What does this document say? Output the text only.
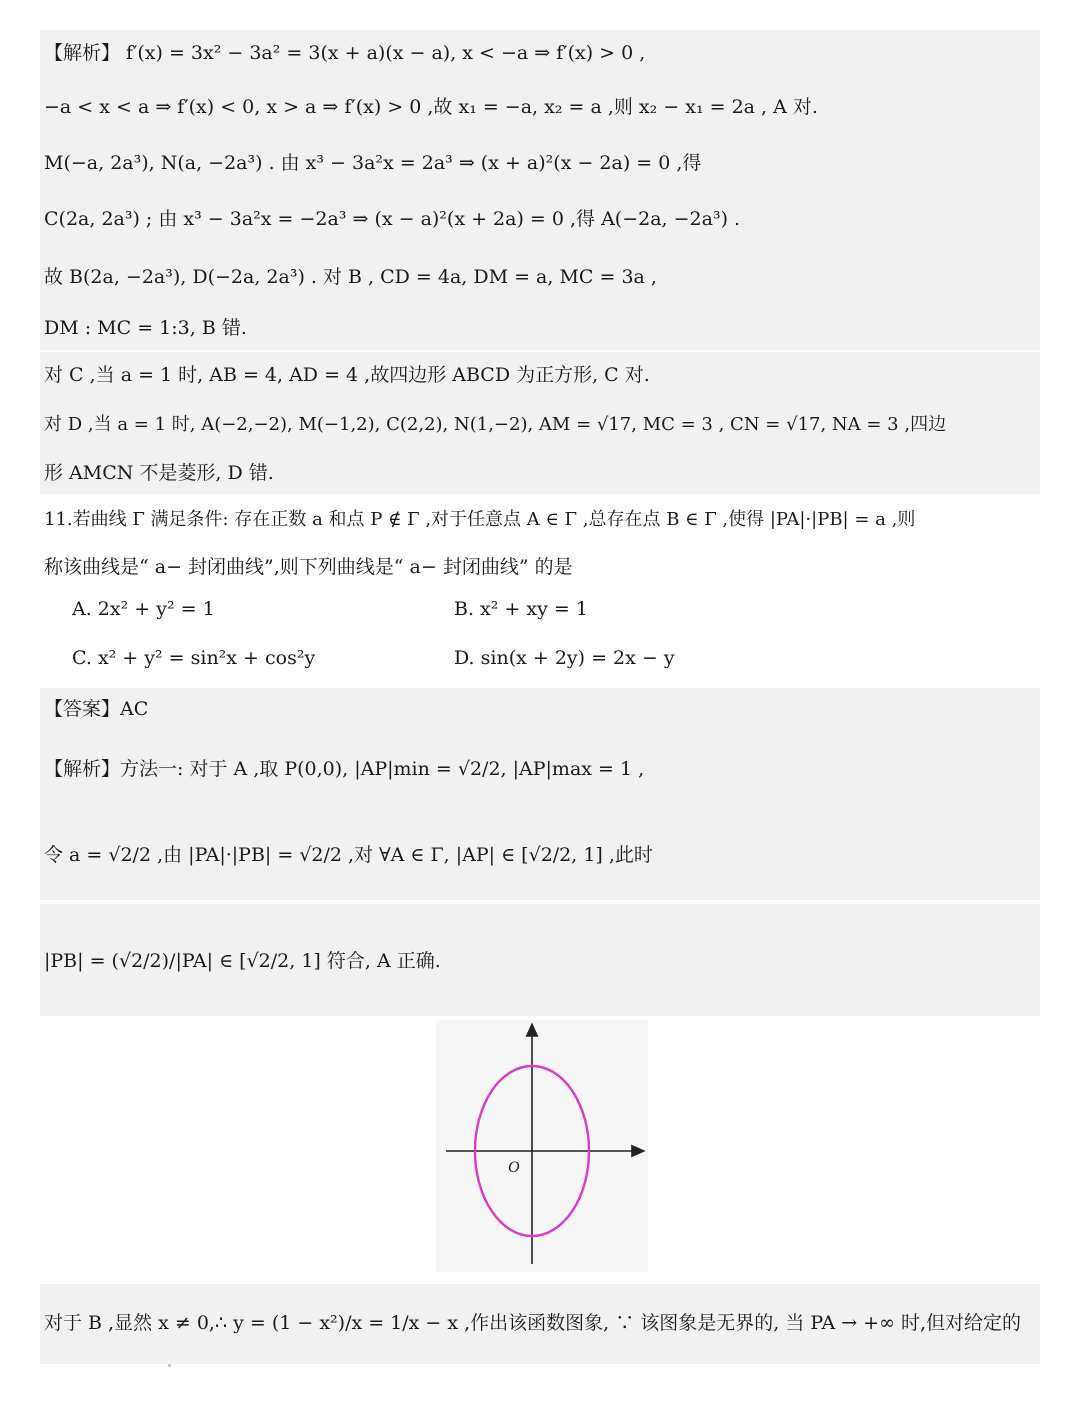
【解析】 f′(x) = 3x² − 3a² = 3(x + a)(x − a), x < −a ⇒ f′(x) > 0 ,
−a < x < a ⇒ f′(x) < 0, x > a ⇒ f′(x) > 0 ,故 x₁ = −a, x₂ = a ,则 x₂ − x₁ = 2a , A 对.
M(−a, 2a³), N(a, −2a³) . 由 x³ − 3a²x = 2a³ ⇒ (x + a)²(x − 2a) = 0 ,得
C(2a, 2a³) ; 由 x³ − 3a²x = −2a³ ⇒ (x − a)²(x + 2a) = 0 ,得 A(−2a, −2a³) .
故 B(2a, −2a³), D(−2a, 2a³) . 对 B , CD = 4a, DM = a, MC = 3a ,
DM : MC = 1:3, B 错.
对 C ,当 a = 1 时, AB = 4, AD = 4 ,故四边形 ABCD 为正方形, C 对.
对 D ,当 a = 1 时, A(−2,−2), M(−1,2), C(2,2), N(1,−2), AM = √17, MC = 3 , CN = √17, NA = 3 ,四边
形 AMCN 不是菱形, D 错.
11.若曲线 Γ 满足条件: 存在正数 a 和点 P ∉ Γ ,对于任意点 A ∈ Γ ,总存在点 B ∈ Γ ,使得 |PA|·|PB| = a ,则
称该曲线是“ a− 封闭曲线”,则下列曲线是“ a− 封闭曲线” 的是
A. 2x² + y² = 1	B. x² + xy = 1
C. x² + y² = sin²x + cos²y	D. sin(x + 2y) = 2x − y
【答案】AC
【解析】方法一: 对于 A ,取 P(0,0), |AP|min = √2/2, |AP|max = 1 ,
令 a = √2/2 ,由 |PA|·|PB| = √2/2 ,对 ∀A ∈ Γ, |AP| ∈ [√2/2, 1] ,此时
|PB| = (√2/2)/|PA| ∈ [√2/2, 1] 符合, A 正确.
O
对于 B ,显然 x ≠ 0,∴ y = (1 − x²)/x = 1/x − x ,作出该函数图象, ∵ 该图象是无界的, 当 PA → +∞ 时,但对给定的
